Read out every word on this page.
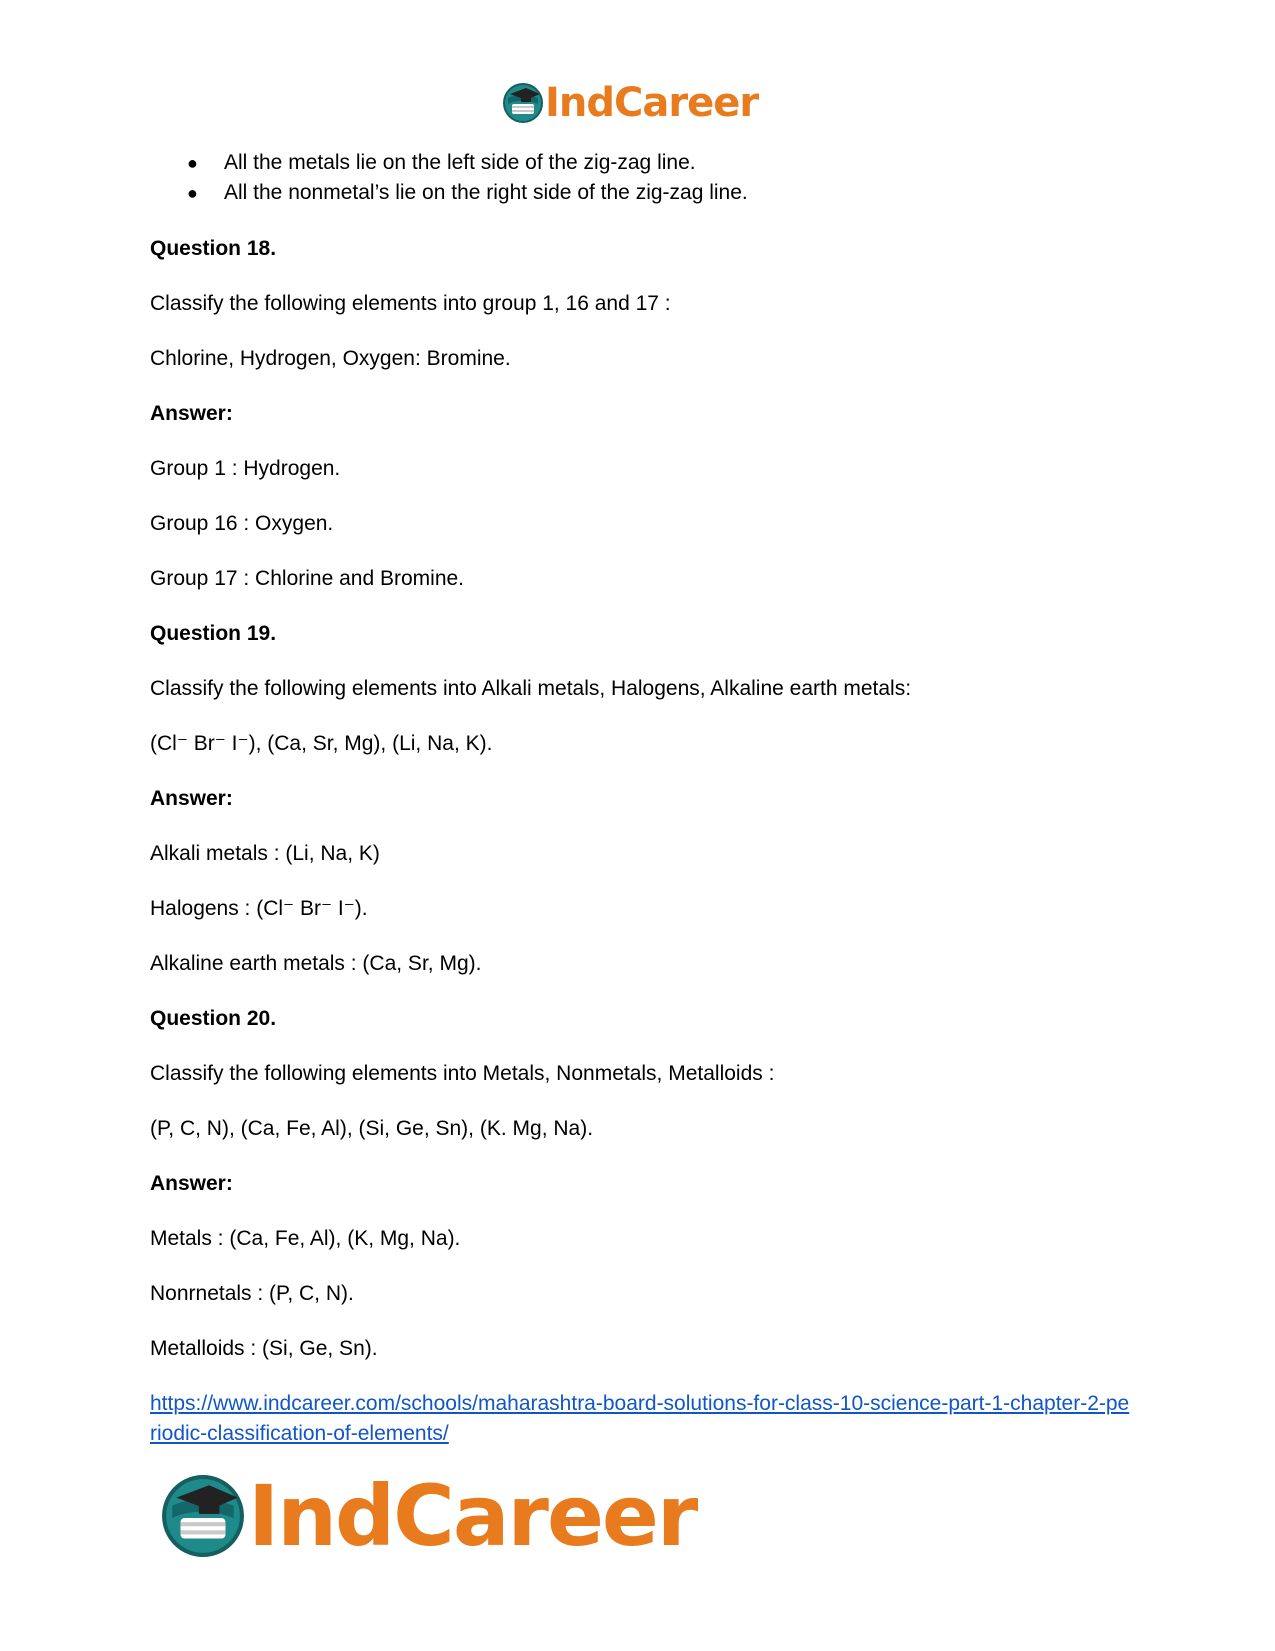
IndCareer
● All the metals lie on the left side of the zig-zag line.
● All the nonmetal’s lie on the right side of the zig-zag line.

Question 18.

Classify the following elements into group 1, 16 and 17 :

Chlorine, Hydrogen, Oxygen: Bromine.

Answer:

Group 1 : Hydrogen.

Group 16 : Oxygen.

Group 17 : Chlorine and Bromine.

Question 19.

Classify the following elements into Alkali metals, Halogens, Alkaline earth metals:

(Cl⁻ Br⁻ I⁻), (Ca, Sr, Mg), (Li, Na, K).

Answer:

Alkali metals : (Li, Na, K)

Halogens : (Cl⁻ Br⁻ I⁻).

Alkaline earth metals : (Ca, Sr, Mg).

Question 20.

Classify the following elements into Metals, Nonmetals, Metalloids :

(P, C, N), (Ca, Fe, Al), (Si, Ge, Sn), (K. Mg, Na).

Answer:

Metals : (Ca, Fe, Al), (K, Mg, Na).

Nonrnetals : (P, C, N).

Metalloids : (Si, Ge, Sn).

https://www.indcareer.com/schools/maharashtra-board-solutions-for-class-10-science-part-1-chapter-2-periodic-classification-of-elements/
IndCareer
